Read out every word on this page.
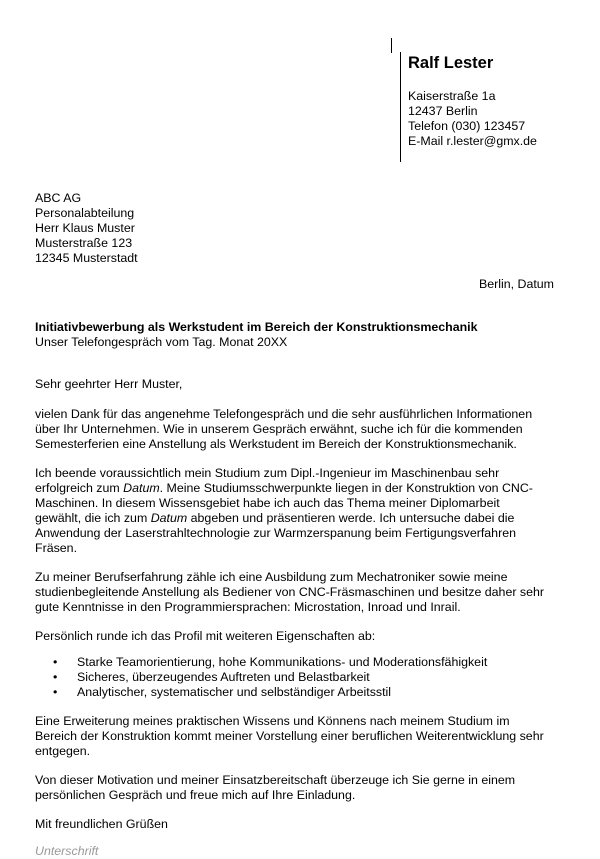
Ralf Lester
Kaiserstraße 1a
12437 Berlin
Telefon (030) 123457
E-Mail r.lester@gmx.de
ABC AG
Personalabteilung
Herr Klaus Muster
Musterstraße 123
12345 Musterstadt
Berlin, Datum
Initiativbewerbung als Werkstudent im Bereich der Konstruktionsmechanik
Unser Telefongespräch vom Tag. Monat 20XX
Sehr geehrter Herr Muster,
vielen Dank für das angenehme Telefongespräch und die sehr ausführlichen Informationen
über Ihr Unternehmen. Wie in unserem Gespräch erwähnt, suche ich für die kommenden
Semesterferien eine Anstellung als Werkstudent im Bereich der Konstruktionsmechanik.
Ich beende voraussichtlich mein Studium zum Dipl.-Ingenieur im Maschinenbau sehr
erfolgreich zum Datum. Meine Studiumsschwerpunkte liegen in der Konstruktion von CNC-
Maschinen. In diesem Wissensgebiet habe ich auch das Thema meiner Diplomarbeit
gewählt, die ich zum Datum abgeben und präsentieren werde. Ich untersuche dabei die
Anwendung der Laserstrahltechnologie zur Warmzerspanung beim Fertigungsverfahren
Fräsen.
Zu meiner Berufserfahrung zähle ich eine Ausbildung zum Mechatroniker sowie meine
studienbegleitende Anstellung als Bediener von CNC-Fräsmaschinen und besitze daher sehr
gute Kenntnisse in den Programmiersprachen: Microstation, Inroad und Inrail.
Persönlich runde ich das Profil mit weiteren Eigenschaften ab:
• Starke Teamorientierung, hohe Kommunikations- und Moderationsfähigkeit
• Sicheres, überzeugendes Auftreten und Belastbarkeit
• Analytischer, systematischer und selbständiger Arbeitsstil
Eine Erweiterung meines praktischen Wissens und Könnens nach meinem Studium im
Bereich der Konstruktion kommt meiner Vorstellung einer beruflichen Weiterentwicklung sehr
entgegen.
Von dieser Motivation und meiner Einsatzbereitschaft überzeuge ich Sie gerne in einem
persönlichen Gespräch und freue mich auf Ihre Einladung.
Mit freundlichen Grüßen
Unterschrift
